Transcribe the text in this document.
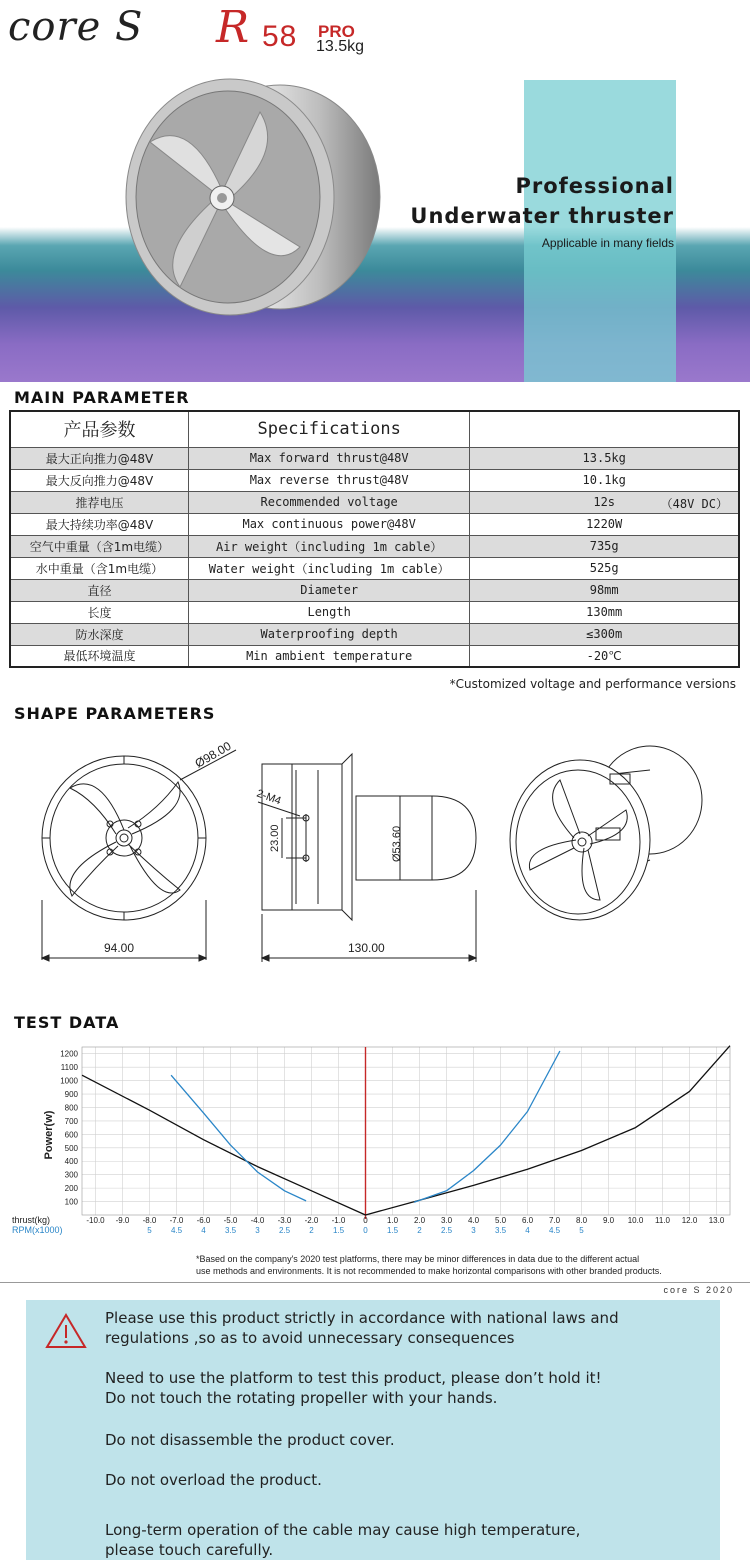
core S R 58 PRO
13.5kg
Professional
Underwater thruster
Applicable in many fields
MAIN PARAMETER
产品参数	Specifications	
最大正向推力@48V	Max forward thrust@48V	13.5kg
最大反向推力@48V	Max reverse thrust@48V	10.1kg
推荐电压	Recommended voltage	12s （48V DC）

最大持续功率@48V	Max continuous power@48V	1220W
空气中重量（含1m电缆）	Air weight（including 1m cable）	735g
水中重量（含1m电缆）	Water weight（including 1m cable）	525g
直径	Diameter	98mm
长度	Length	130mm
防水深度	Waterproofing depth	≤300m
最低环境温度	Min ambient temperature	-20℃
*Customized voltage and performance versions
SHAPE PARAMETERS
Ø98.00
94.00
2-M4
23.00	Ø53.60
130.00
TEST DATA
1200
1100
1000
900
800
700
600
500
400
300
200
100
Power(w)
thrust(kg)	-10.0 -9.0 -8.0 -7.0 -6.0 -5.0 -4.0 -3.0 -2.0 -1.0 0 1.0 2.0 3.0 4.0 5.0 6.0 7.0 8.0 9.0 10.0 11.0 12.0 13.0
RPM(x1000)	5 4.5 4 3.5 3 2.5 2 1.5 0 1.5 2 2.5 3 3.5 4 4.5 5
*Based on the company's 2020 test platforms, there may be minor differences in data due to the different actual
use methods and environments. It is not recommended to make horizontal comparisons with other branded products.
core S 2020
Please use this product strictly in accordance with national laws and
regulations ,so as to avoid unnecessary consequences
Need to use the platform to test this product, please don’t hold it!
Do not touch the rotating propeller with your hands.
Do not disassemble the product cover.
Do not overload the product.
Long-term operation of the cable may cause high temperature,
please touch carefully.
